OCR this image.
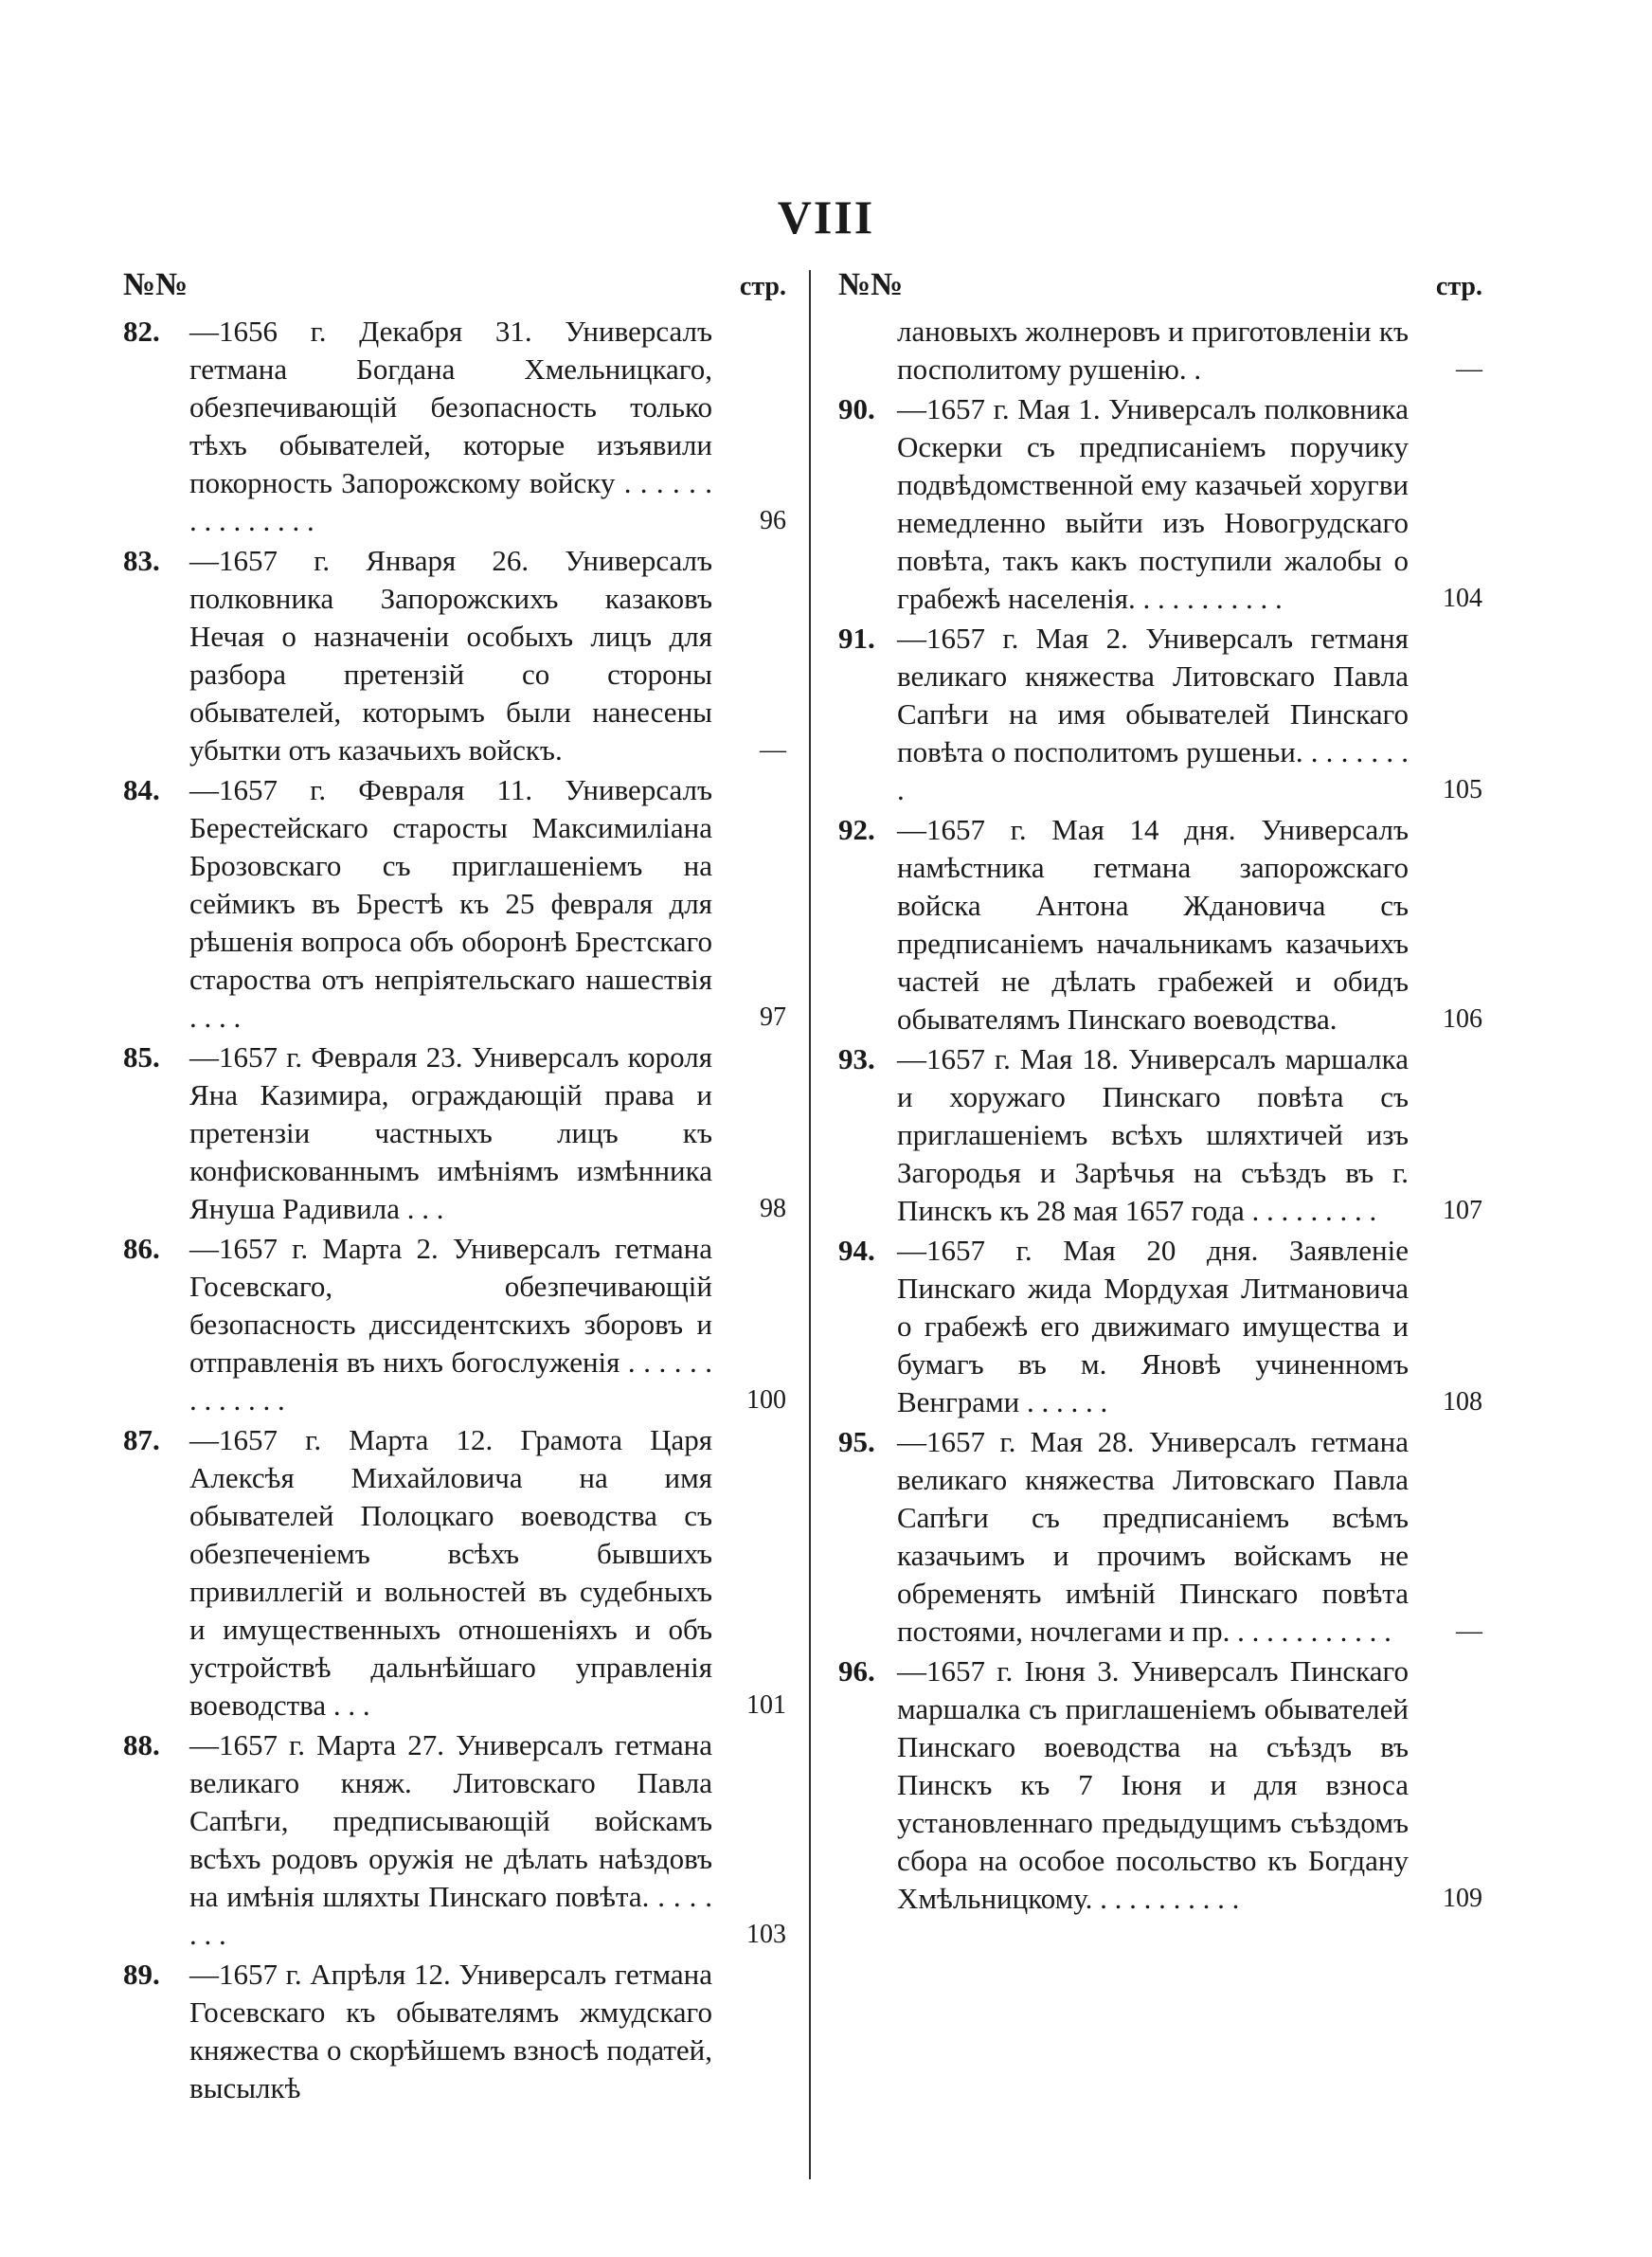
VIII
№№	стр.
82. —1656 г. Декабря 31. Универсалъ гетмана Богдана Хмельницкаго, обезпечивающій безопасность только тѣхъ обывателей, которые изъявили покорность Запорожскому войску . . . . . . . . . . . . . . .	96
83. —1657 г. Января 26. Универсалъ полковника Запорожскихъ казаковъ Нечая о назначеніи особыхъ лицъ для разбора претензій со стороны обывателей, которымъ были нанесены убытки отъ казачьихъ войскъ.	—
84. —1657 г. Февраля 11. Универсалъ Берестейскаго старосты Максимиліана Брозовскаго съ приглашеніемъ на сеймикъ въ Брестѣ къ 25 февраля для рѣшенія вопроса объ оборонѣ Брестскаго староства отъ непріятельскаго нашествія . . . .	97
85. —1657 г. Февраля 23. Универсалъ короля Яна Казимира, ограждающій права и претензіи частныхъ лицъ къ конфискованнымъ имѣніямъ измѣнника Януша Радивила . . .	98
86. —1657 г. Марта 2. Универсалъ гетмана Госевскаго, обезпечивающій безопасность диссидентскихъ зборовъ и отправленія въ нихъ богослуженія . . . . . . . . . . . . .	100
87. —1657 г. Марта 12. Грамота Царя Алексѣя Михайловича на имя обывателей Полоцкаго воеводства съ обезпеченіемъ всѣхъ бывшихъ привиллегій и вольностей въ судебныхъ и имущественныхъ отношеніяхъ и объ устройствѣ дальнѣйшаго управленія воеводства . . .	101
88. —1657 г. Марта 27. Универсалъ гетмана великаго княж. Литовскаго Павла Сапѣги, предписывающій войскамъ всѣхъ родовъ оружія не дѣлать наѣздовъ на имѣнія шляхты Пинскаго повѣта. . . . . . . .	103
89. —1657 г. Апрѣля 12. Универсалъ гетмана Госевскаго къ обывателямъ жмудскаго княжества о скорѣйшемъ взносѣ податей, высылкѣ
№№	стр.
лановыхъ жолнеровъ и приготовленіи къ посполитому рушенію. .	—
90. —1657 г. Мая 1. Универсалъ полковника Оскерки съ предписаніемъ поручику подвѣдомственной ему казачьей хоругви немедленно выйти изъ Новогрудскаго повѣта, такъ какъ поступили жалобы о грабежѣ населенія. . . . . . . . . . .	104
91. —1657 г. Мая 2. Универсалъ гетманя великаго княжества Литовскаго Павла Сапѣги на имя обывателей Пинскаго повѣта о посполитомъ рушеньи. . . . . . . . .	105
92. —1657 г. Мая 14 дня. Универсалъ намѣстника гетмана запорожскаго войска Антона Ждановича съ предписаніемъ начальникамъ казачьихъ частей не дѣлать грабежей и обидъ обывателямъ Пинскаго воеводства.	106
93. —1657 г. Мая 18. Универсалъ маршалка и хоружаго Пинскаго повѣта съ приглашеніемъ всѣхъ шляхтичей изъ Загородья и Зарѣчья на съѣздъ въ г. Пинскъ къ 28 мая 1657 года . . . . . . . . .	107
94. —1657 г. Мая 20 дня. Заявленіе Пинскаго жида Мордухая Литмановича о грабежѣ его движимаго имущества и бумагъ въ м. Яновѣ учиненномъ Венграми . . . . . .	108
95. —1657 г. Мая 28. Универсалъ гетмана великаго княжества Литовскаго Павла Сапѣги съ предписаніемъ всѣмъ казачьимъ и прочимъ войскамъ не обременять имѣній Пинскаго повѣта постоями, ночлегами и пр. . . . . . . . . . . .	—
96. —1657 г. Іюня 3. Универсалъ Пинскаго маршалка съ приглашеніемъ обывателей Пинскаго воеводства на съѣздъ въ Пинскъ къ 7 Іюня и для взноса установленнаго предыдущимъ съѣздомъ сбора на особое посольство къ Богдану Хмѣльницкому. . . . . . . . . . .	109
